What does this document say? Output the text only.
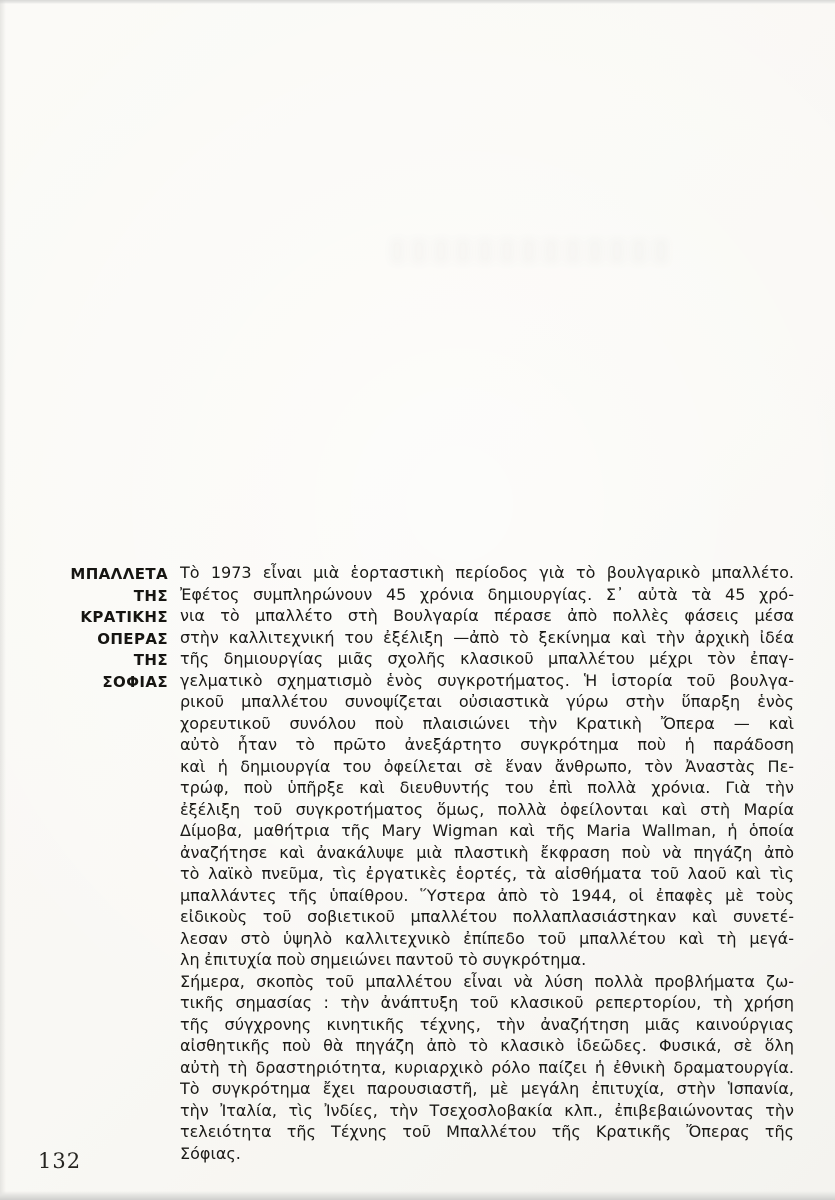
ΜΠΑΛΛΕΤΑ
ΤΗΣ
ΚΡΑΤΙΚΗΣ
ΟΠΕΡΑΣ
ΤΗΣ
ΣΟΦΙΑΣ
Τὸ 1973 εἶναι μιὰ ἑορταστικὴ περίοδος γιὰ τὸ βουλγαρικὸ μπαλλέτο.
Ἐφέτος συμπληρώνουν 45 χρόνια δημιουργίας. Σ᾿ αὐτὰ τὰ 45 χρό-
νια τὸ μπαλλέτο στὴ Βουλγαρία πέρασε ἀπὸ πολλὲς φάσεις μέσα
στὴν καλλιτεχνική του ἐξέλιξη —ἀπὸ τὸ ξεκίνημα καὶ τὴν ἀρχικὴ ἰδέα
τῆς δημιουργίας μιᾶς σχολῆς κλασικοῦ μπαλλέτου μέχρι τὸν ἐπαγ-
γελματικὸ σχηματισμὸ ἑνὸς συγκροτήματος. Ἡ ἱστορία τοῦ βουλγα-
ρικοῦ μπαλλέτου συνοψίζεται οὐσιαστικὰ γύρω στὴν ὕπαρξη ἑνὸς
χορευτικοῦ συνόλου ποὺ πλαισιώνει τὴν Κρατικὴ Ὄπερα — καὶ
αὐτὸ ἦταν τὸ πρῶτο ἀνεξάρτητο συγκρότημα ποὺ ἡ παράδοση
καὶ ἡ δημιουργία του ὀφείλεται σὲ ἕναν ἄνθρωπο, τὸν Ἀναστὰς Πε-
τρώφ, ποὺ ὑπῆρξε καὶ διευθυντής του ἐπὶ πολλὰ χρόνια. Γιὰ τὴν
ἐξέλιξη τοῦ συγκροτήματος ὅμως, πολλὰ ὀφείλονται καὶ στὴ Μαρία
Δίμοβα, μαθήτρια τῆς Mary Wigman καὶ τῆς Maria Wallman, ἡ ὁποία
ἀναζήτησε καὶ ἀνακάλυψε μιὰ πλαστικὴ ἔκφραση ποὺ νὰ πηγάζη ἀπὸ
τὸ λαϊκὸ πνεῦμα, τὶς ἐργατικὲς ἑορτές, τὰ αἰσθήματα τοῦ λαοῦ καὶ τὶς
μπαλλάντες τῆς ὑπαίθρου. Ὕστερα ἀπὸ τὸ 1944, οἱ ἐπαφὲς μὲ τοὺς
εἰδικοὺς τοῦ σοβιετικοῦ μπαλλέτου πολλαπλασιάστηκαν καὶ συνετέ-
λεσαν στὸ ὑψηλὸ καλλιτεχνικὸ ἐπίπεδο τοῦ μπαλλέτου καὶ τὴ μεγά-
λη ἐπιτυχία ποὺ σημειώνει παντοῦ τὸ συγκρότημα.
Σήμερα, σκοπὸς τοῦ μπαλλέτου εἶναι νὰ λύση πολλὰ προβλήματα ζω-
τικῆς σημασίας : τὴν ἀνάπτυξη τοῦ κλασικοῦ ρεπερτορίου, τὴ χρήση
τῆς σύγχρονης κινητικῆς τέχνης, τὴν ἀναζήτηση μιᾶς καινούργιας
αἰσθητικῆς ποὺ θὰ πηγάζη ἀπὸ τὸ κλασικὸ ἰδεῶδες. Φυσικά, σὲ ὅλη
αὐτὴ τὴ δραστηριότητα, κυριαρχικὸ ρόλο παίζει ἡ ἐθνικὴ δραματουργία.
Τὸ συγκρότημα ἔχει παρουσιαστῆ, μὲ μεγάλη ἐπιτυχία, στὴν Ἱσπανία,
τὴν Ἰταλία, τὶς Ἰνδίες, τὴν Τσεχοσλοβακία κλπ., ἐπιβεβαιώνοντας τὴν
τελειότητα τῆς Τέχνης τοῦ Μπαλλέτου τῆς Κρατικῆς Ὄπερας τῆς
Σόφιας.
132
